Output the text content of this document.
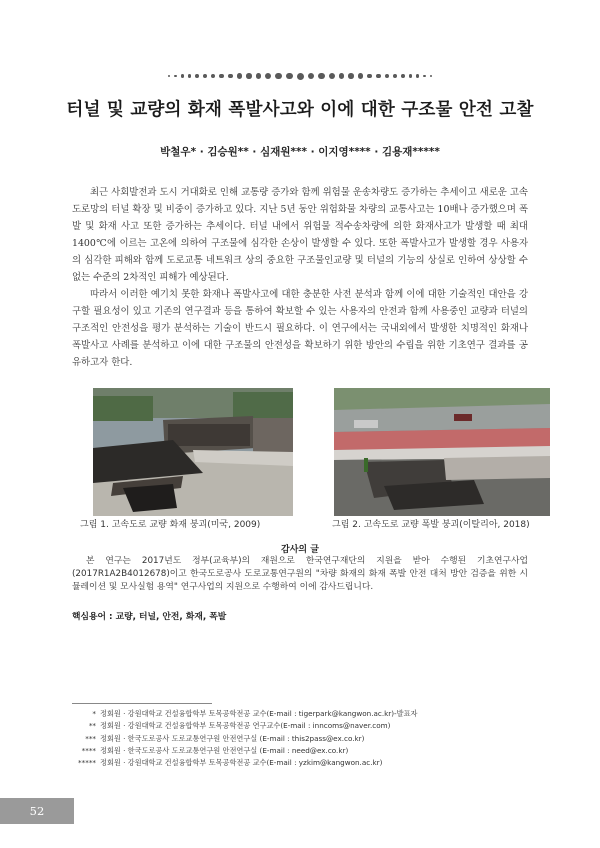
터널 및 교량의 화재 폭발사고와 이에 대한 구조물 안전 고찰
박철우* · 김승원** · 심재원*** · 이지영**** · 김용재*****

최근 사회발전과 도시 거대화로 인해 교통량 증가와 함께 위험물 운송차량도 증가하는 추세이고 새로운 고속도로망의 터널 확장 및 비중이 증가하고 있다. 지난 5년 동안 위험화물 차량의 교통사고는 10배나 증가했으며 폭발 및 화재 사고 또한 증가하는 추세이다. 터널 내에서 위험물 적수송차량에 의한 화재사고가 발생할 때 최대 1400℃에 이르는 고온에 의하여 구조물에 심각한 손상이 발생할 수 있다. 또한 폭발사고가 발생할 경우 사용자의 심각한 피해와 함께 도로교통 네트워크 상의 중요한 구조물인교량 및 터널의 기능의 상실로 인하여 상상할 수 없는 수준의 2차적인 피해가 예상된다.

따라서 이러한 예기치 못한 화재나 폭발사고에 대한 충분한 사전 분석과 함께 이에 대한 기술적인 대안을 강구할 필요성이 있고 기존의 연구결과 등을 통하여 확보할 수 있는 사용자의 안전과 함께 사용중인 교량과 터널의 구조적인 안전성을 평가 분석하는 기술이 반드시 필요하다. 이 연구에서는 국내외에서 발생한 치명적인 화재나 폭발사고 사례를 분석하고 이에 대한 구조물의 안전성을 확보하기 위한 방안의 수립을 위한 기초연구 결과를 공유하고자 한다.

그림 1. 고속도로 교량 화재 붕괴(미국, 2009)	그림 2. 고속도로 교량 폭발 붕괴(이탈리아, 2018)
감사의 글
본 연구는 2017년도 정부(교육부)의 재원으로 한국연구재단의 지원을 받아 수행된 기초연구사업(2017R1A2B4012678)이고 한국도로공사 도로교통연구원의 "차량 화재의 화재 폭발 안전 대처 방안 검증을 위한 시뮬레이션 및 모사실험 용역" 연구사업의 지원으로 수행하여 이에 감사드립니다.
핵심용어 : 교량, 터널, 안전, 화재, 폭발
* 정회원 · 강원대학교 건설융합학부 토목공학전공 교수(E-mail : tigerpark@kangwon.ac.kr)-발표자
** 정회원 · 강원대학교 건설융합학부 토목공학전공 연구교수(E-mail : inncoms@naver.com)
*** 정회원 · 한국도로공사 도로교통연구원 안전연구실 (E-mail : this2pass@ex.co.kr)
**** 정회원 · 한국도로공사 도로교통연구원 안전연구실 (E-mail : need@ex.co.kr)
***** 정회원 · 강원대학교 건설융합학부 토목공학전공 교수(E-mail : yzkim@kangwon.ac.kr)
52
